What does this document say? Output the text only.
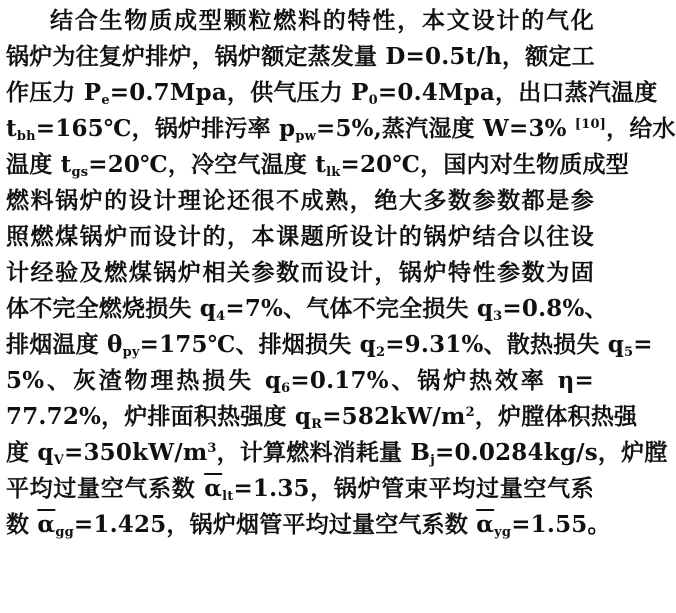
结合生物质成型颗粒燃料的特性，本文设计的气化
锅炉为往复炉排炉，锅炉额定蒸发量 D=0.5t/h，额定工
作压力 $P_e=0.7Mpa$，供气压力 $P_0=0.4Mpa$，出口蒸汽温度
$t_{bh}=165℃$，锅炉排污率 $p_{pw}=5\%$,蒸汽湿度 W=3% [10]，给水
温度 $t_{gs}=20℃$，冷空气温度 $t_{lk}=20℃$，国内对生物质成型
燃料锅炉的设计理论还很不成熟，绝大多数参数都是参
照燃煤锅炉而设计的，本课题所设计的锅炉结合以往设
计经验及燃煤锅炉相关参数而设计，锅炉特性参数为固
体不完全燃烧损失 $q_4=7\%$、气体不完全损失 $q_3=0.8\%$、
排烟温度 $\theta_{py}=175℃$、排烟损失 $q_2=9.31\%$、散热损失 $q_5=$
5%、灰渣物理热损失 $q_6=0.17\%$、锅炉热效率 η=
77.72%，炉排面积热强度 $q_R=582kW/m^2$，炉膛体积热强
度 $q_V=350kW/m^3$，计算燃料消耗量 $B_j=0.0284kg/s$，炉膛
平均过量空气系数 $\overline{\alpha}_{lt}=1.35$，锅炉管束平均过量空气系
数 $\overline{\alpha}_{gg}=1.425$，锅炉烟管平均过量空气系数 $\overline{\alpha}_{yg}=1.55$。
